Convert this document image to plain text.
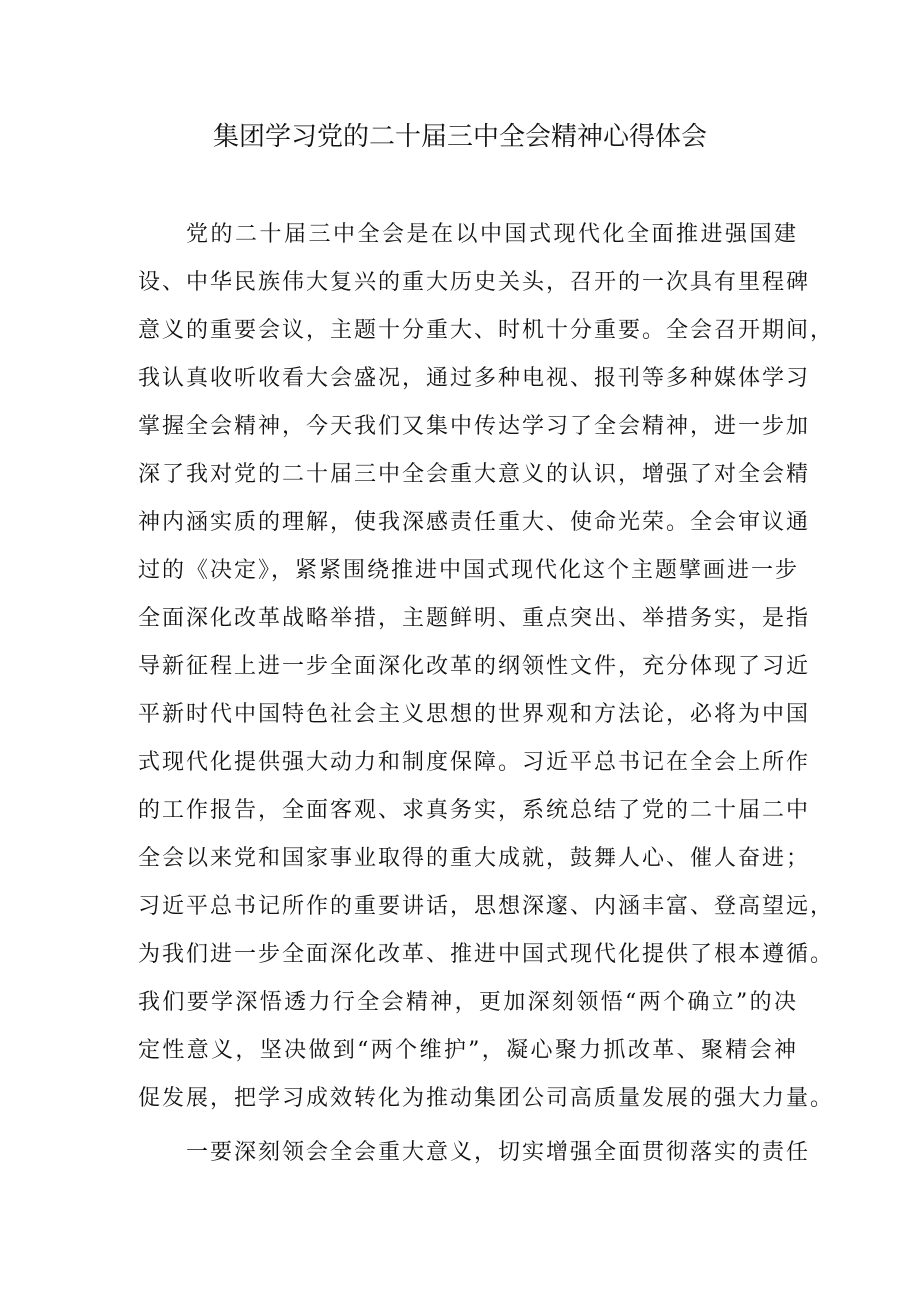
集团学习党的二十届三中全会精神心得体会
党的二十届三中全会是在以中国式现代化全面推进强国建
设、中华民族伟大复兴的重大历史关头，召开的一次具有里程碑
意义的重要会议，主题十分重大、时机十分重要。全会召开期间，
我认真收听收看大会盛况，通过多种电视、报刊等多种媒体学习
掌握全会精神，今天我们又集中传达学习了全会精神，进一步加
深了我对党的二十届三中全会重大意义的认识，增强了对全会精
神内涵实质的理解，使我深感责任重大、使命光荣。全会审议通
过的《决定》，紧紧围绕推进中国式现代化这个主题擘画进一步
全面深化改革战略举措，主题鲜明、重点突出、举措务实，是指
导新征程上进一步全面深化改革的纲领性文件，充分体现了习近
平新时代中国特色社会主义思想的世界观和方法论，必将为中国
式现代化提供强大动力和制度保障。习近平总书记在全会上所作
的工作报告，全面客观、求真务实，系统总结了党的二十届二中
全会以来党和国家事业取得的重大成就，鼓舞人心、催人奋进；
习近平总书记所作的重要讲话，思想深邃、内涵丰富、登高望远，
为我们进一步全面深化改革、推进中国式现代化提供了根本遵循。
我们要学深悟透力行全会精神，更加深刻领悟“两个确立”的决
定性意义，坚决做到“两个维护”，凝心聚力抓改革、聚精会神
促发展，把学习成效转化为推动集团公司高质量发展的强大力量。
一要深刻领会全会重大意义，切实增强全面贯彻落实的责任
